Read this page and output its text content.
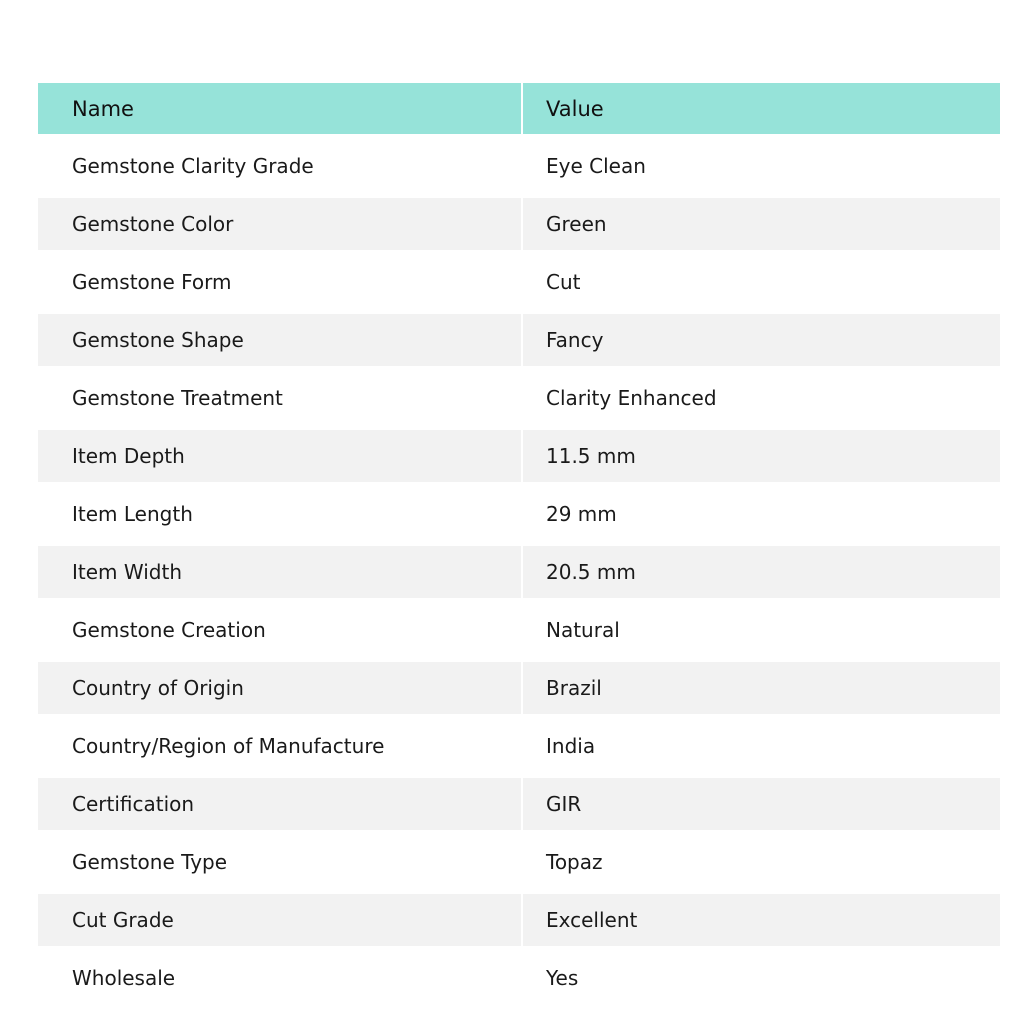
Name	Value
Gemstone Clarity Grade	Eye Clean
Gemstone Color	Green
Gemstone Form	Cut
Gemstone Shape	Fancy
Gemstone Treatment	Clarity Enhanced
Item Depth	11.5 mm
Item Length	29 mm
Item Width	20.5 mm
Gemstone Creation	Natural
Country of Origin	Brazil
Country/Region of Manufacture	India
Certification	GIR
Gemstone Type	Topaz
Cut Grade	Excellent
Wholesale	Yes
